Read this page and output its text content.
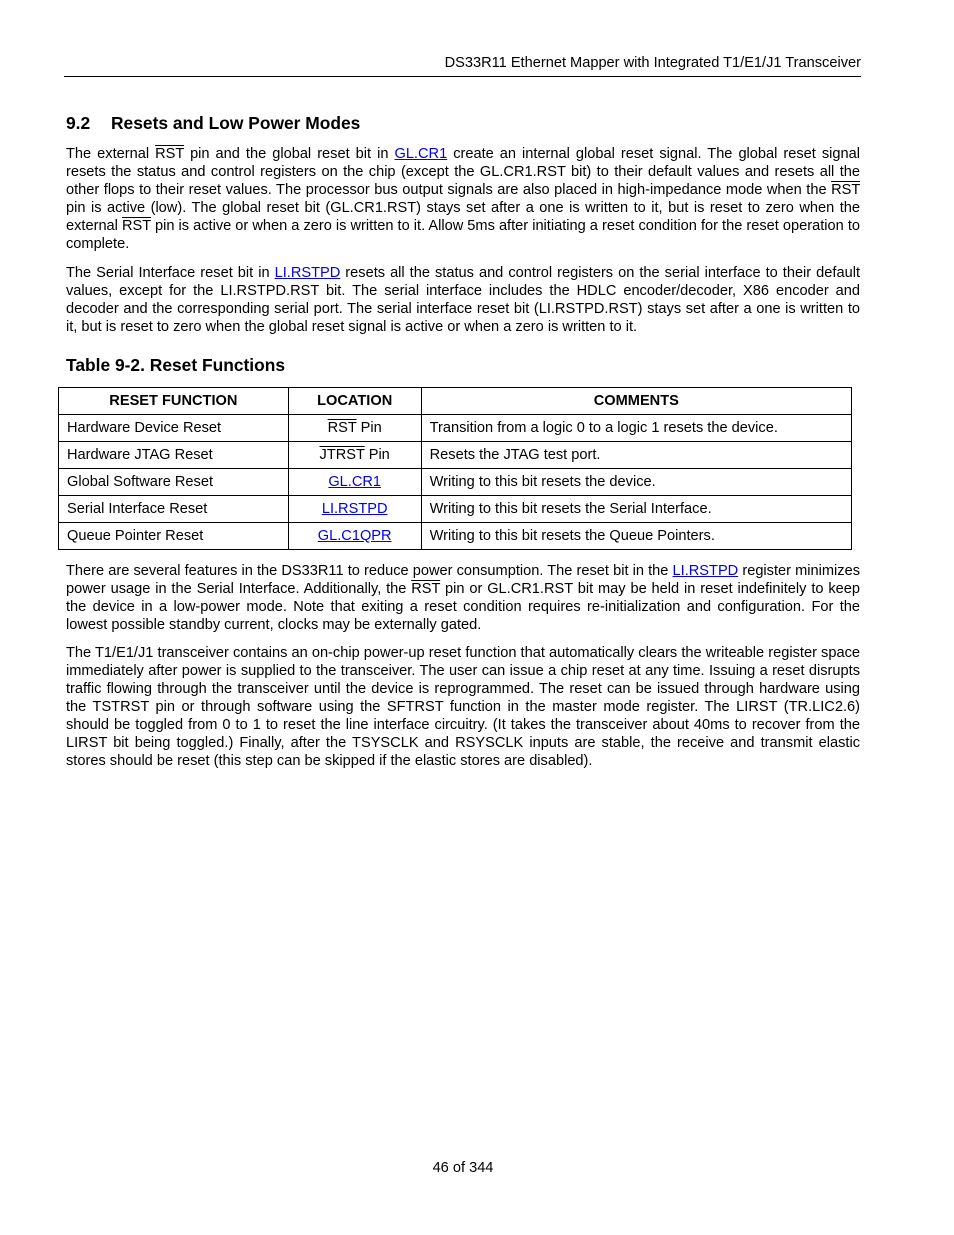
DS33R11 Ethernet Mapper with Integrated T1/E1/J1 Transceiver
9.2 Resets and Low Power Modes

The external $\overline{RST}$ pin and the global reset bit in GL.CR1 create an internal global reset signal. The global reset signal resets the status and control registers on the chip (except the GL.CR1.RST bit) to their default values and resets all the other flops to their reset values. The processor bus output signals are also placed in high-impedance mode when the $\overline{RST}$ pin is active (low). The global reset bit (GL.CR1.RST) stays set after a one is written to it, but is reset to zero when the external $\overline{RST}$ pin is active or when a zero is written to it. Allow 5ms after initiating a reset condition for the reset operation to complete.

The Serial Interface reset bit in LI.RSTPD resets all the status and control registers on the serial interface to their default values, except for the LI.RSTPD.RST bit. The serial interface includes the HDLC encoder/decoder, X86 encoder and decoder and the corresponding serial port. The serial interface reset bit (LI.RSTPD.RST) stays set after a one is written to it, but is reset to zero when the global reset signal is active or when a zero is written to it.

Table 9-2. Reset Functions
RESET FUNCTION	LOCATION	COMMENTS
Hardware Device Reset	$\overline{RST}$ Pin	Transition from a logic 0 to a logic 1 resets the device.
Hardware JTAG Reset	JTRST Pin	Resets the JTAG test port.
Global Software Reset	GL.CR1	Writing to this bit resets the device.
Serial Interface Reset	LI.RSTPD	Writing to this bit resets the Serial Interface.
Queue Pointer Reset	GL.C1QPR	Writing to this bit resets the Queue Pointers.

There are several features in the DS33R11 to reduce power consumption. The reset bit in the LI.RSTPD register minimizes power usage in the Serial Interface. Additionally, the $\overline{RST}$ pin or GL.CR1.RST bit may be held in reset indefinitely to keep the device in a low-power mode. Note that exiting a reset condition requires re-initialization and configuration. For the lowest possible standby current, clocks may be externally gated.

The T1/E1/J1 transceiver contains an on-chip power-up reset function that automatically clears the writeable register space immediately after power is supplied to the transceiver. The user can issue a chip reset at any time. Issuing a reset disrupts traffic flowing through the transceiver until the device is reprogrammed. The reset can be issued through hardware using the TSTRST pin or through software using the SFTRST function in the master mode register. The LIRST (TR.LIC2.6) should be toggled from 0 to 1 to reset the line interface circuitry. (It takes the transceiver about 40ms to recover from the LIRST bit being toggled.) Finally, after the TSYSCLK and RSYSCLK inputs are stable, the receive and transmit elastic stores should be reset (this step can be skipped if the elastic stores are disabled).

46 of 344
